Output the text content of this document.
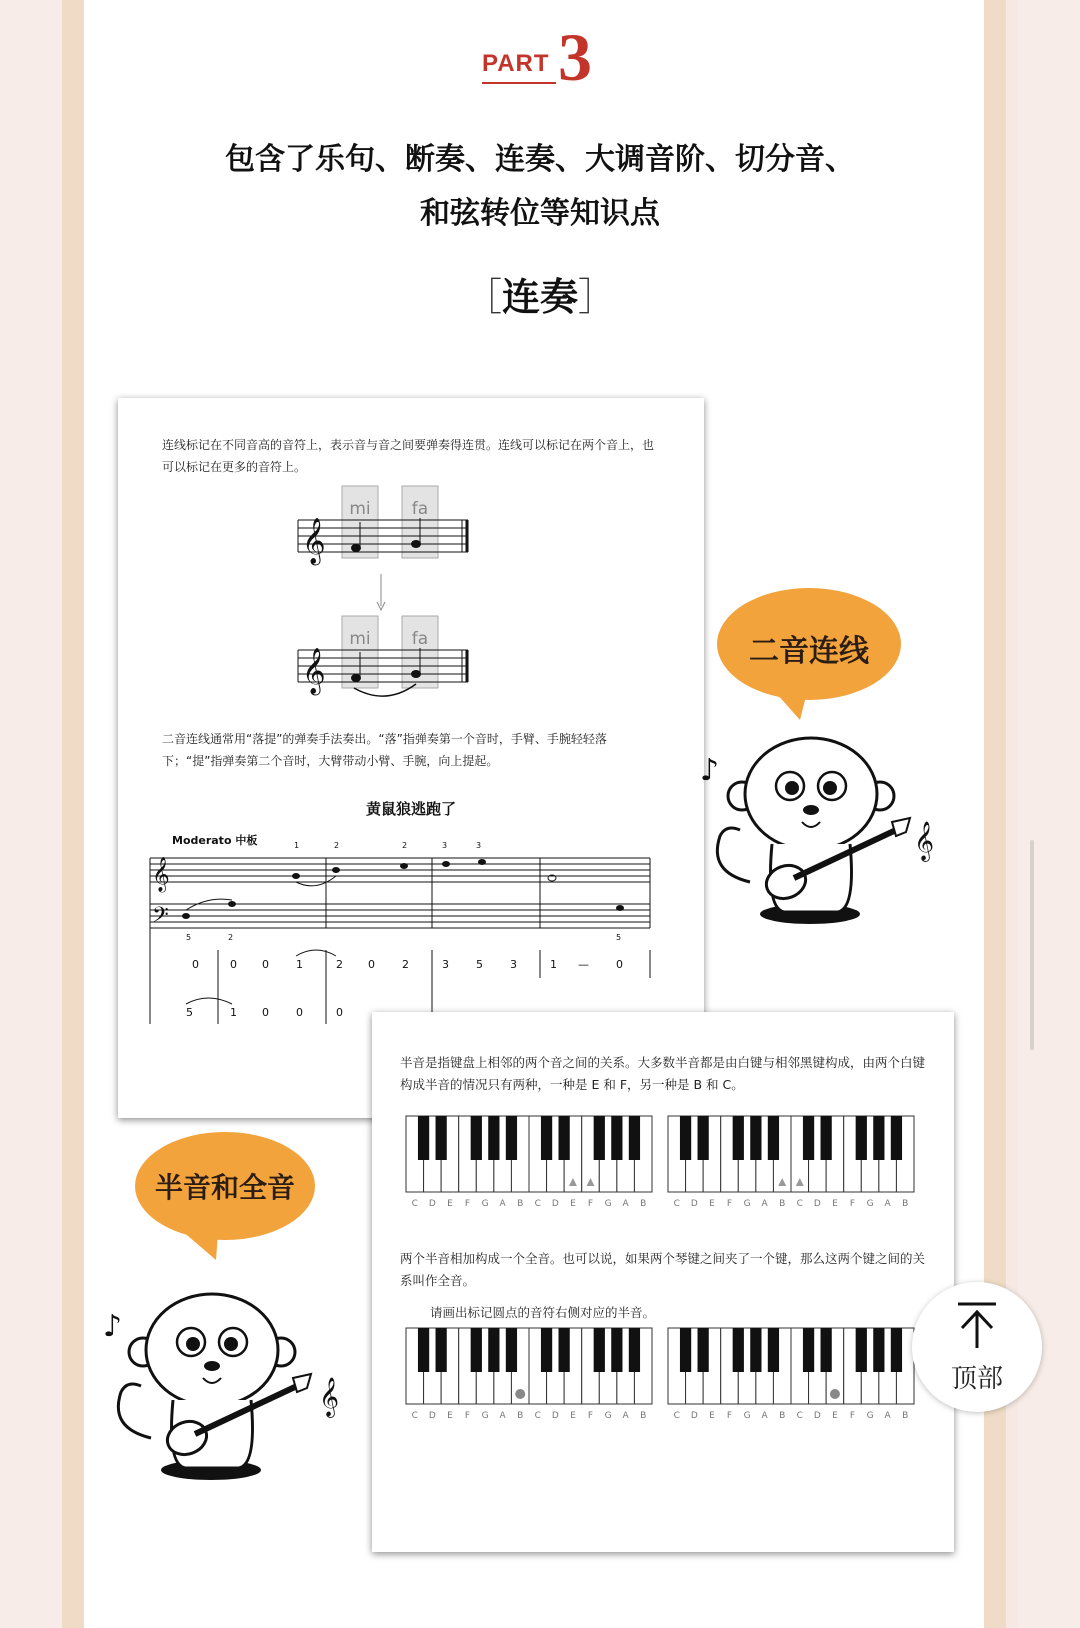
PART 3
包含了乐句、断奏、连奏、大调音阶、切分音、
和弦转位等知识点
［连奏］
连线标记在不同音高的音符上，表示音与音之间要弹奏得连贯。连线可以标记在两个音上，也可以标记在更多的音符上。
mi fa
𝄞
mi fa
𝄞
二音连线通常用“落提”的弹奏手法奏出。“落”指弹奏第一个音时，手臂、手腕轻轻落下；“提”指弹奏第二个音时，大臂带动小臂、手腕，向上提起。
黄鼠狼逃跑了
Moderato 中板	1	2	2	3	3
5	2	5
𝄞
𝄢
0	0 0 1	2 0 2	3 5 3	1 — 0
5	1 0 0	0
二音连线
♪
𝄞
半音是指键盘上相邻的两个音之间的关系。大多数半音都是由白键与相邻黑键构成，由两个白键构成半音的情况只有两种，一种是 E 和 F，另一种是 B 和 C。
C D E F G A B C D E F G A B	C D E F G A B C D E F G A B
两个半音相加构成一个全音。也可以说，如果两个琴键之间夹了一个键，那么这两个键之间的关系叫作全音。
请画出标记圆点的音符右侧对应的半音。
C D E F G A B C D E F G A B	C D E F G A B C D E F G A B
半音和全音
♪
𝄞	顶部
